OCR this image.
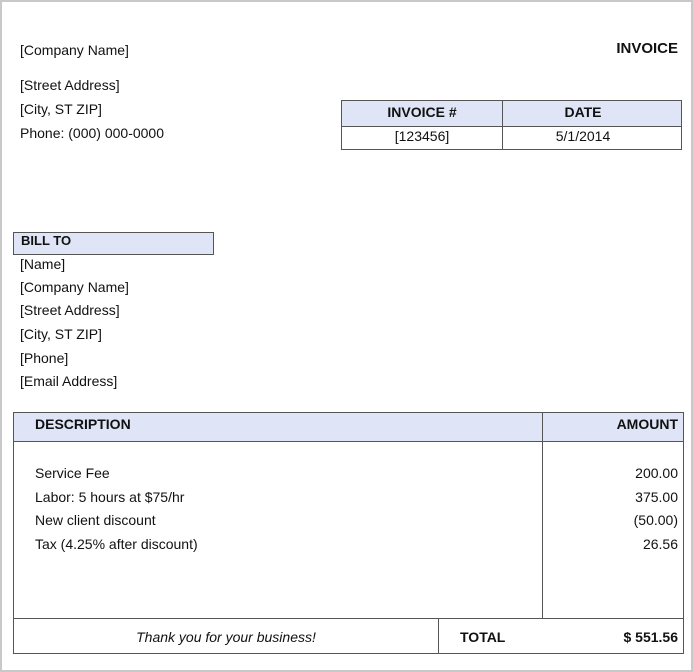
[Company Name]
[Street Address]
[City, ST ZIP]
Phone: (000) 000-0000
INVOICE
INVOICE #	DATE
[123456]	5/1/2014
BILL TO
[Name]
[Company Name]
[Street Address]
[City, ST ZIP]
[Phone]
[Email Address]
DESCRIPTION	AMOUNT
Service Fee	200.00
Labor: 5 hours at $75/hr	375.00
New client discount	(50.00)
Tax (4.25% after discount)	26.56
Thank you for your business!	TOTAL	$ 551.56
